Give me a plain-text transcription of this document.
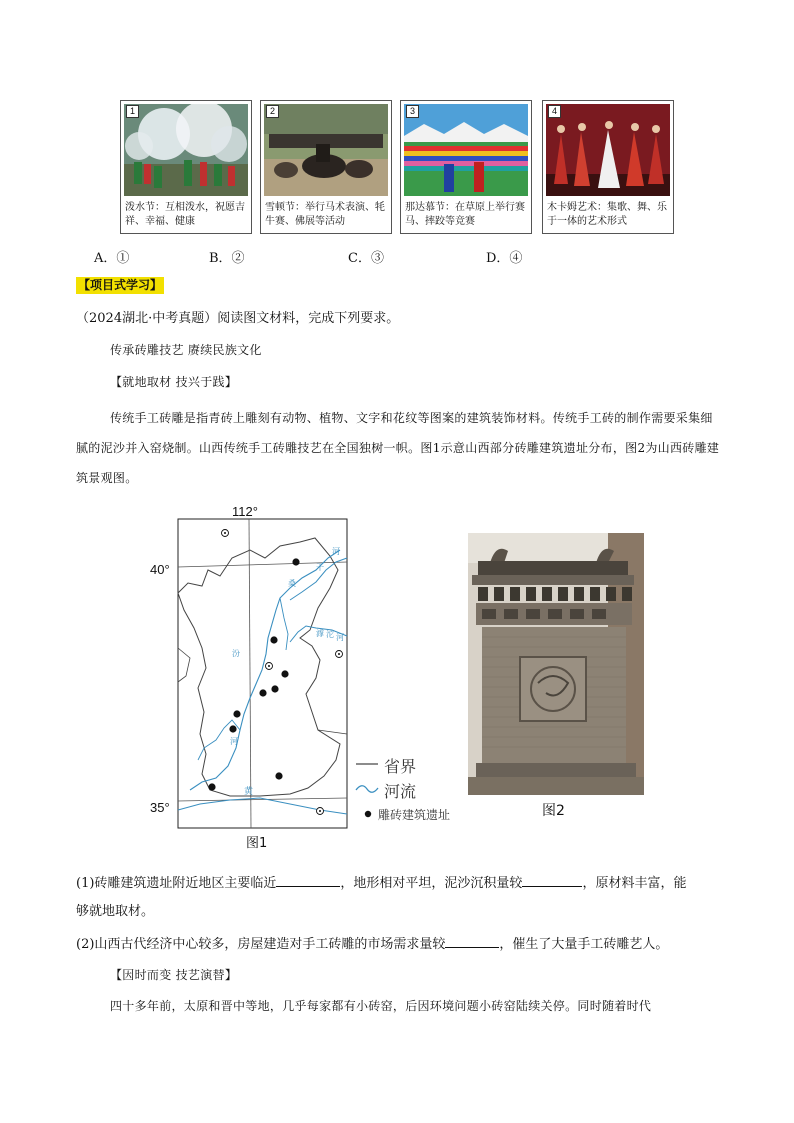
1
泼水节：互相泼水，祝愿吉祥、幸福、健康
2
雪顿节：举行马术表演、牦牛赛、佛展等活动
3
那达慕节：在草原上举行赛马、摔跤等竞赛
4
木卡姆艺术：集歌、舞、乐于一体的艺术形式
A．①	B．②	C．③	D．④
【项目式学习】
（2024湖北·中考真题）阅读图文材料，完成下列要求。
传承砖雕技艺 赓续民族文化
【就地取材 技兴于践】
传统手工砖雕是指青砖上雕刻有动物、植物、文字和花纹等图案的建筑装饰材料。传统手工砖的制作需要采集细腻的泥沙并入窑烧制。山西传统手工砖雕技艺在全国独树一帜。图1示意山西部分砖雕建筑遗址分布，图2为山西砖雕建筑景观图。
112°
40°
35°
河
桑
干
滹 沱 河
汾
河
黄
省界
河流
雕砖建筑遗址
图1
图2
(1)砖雕建筑遗址附近地区主要临近	，地形相对平坦，泥沙沉积量较	，原材料丰富，能
够就地取材。
(2)山西古代经济中心较多，房屋建造对手工砖雕的市场需求量较	，催生了大量手工砖雕艺人。
【因时而变 技艺演替】
四十多年前，太原和晋中等地，几乎每家都有小砖窑，后因环境问题小砖窑陆续关停。同时随着时代
